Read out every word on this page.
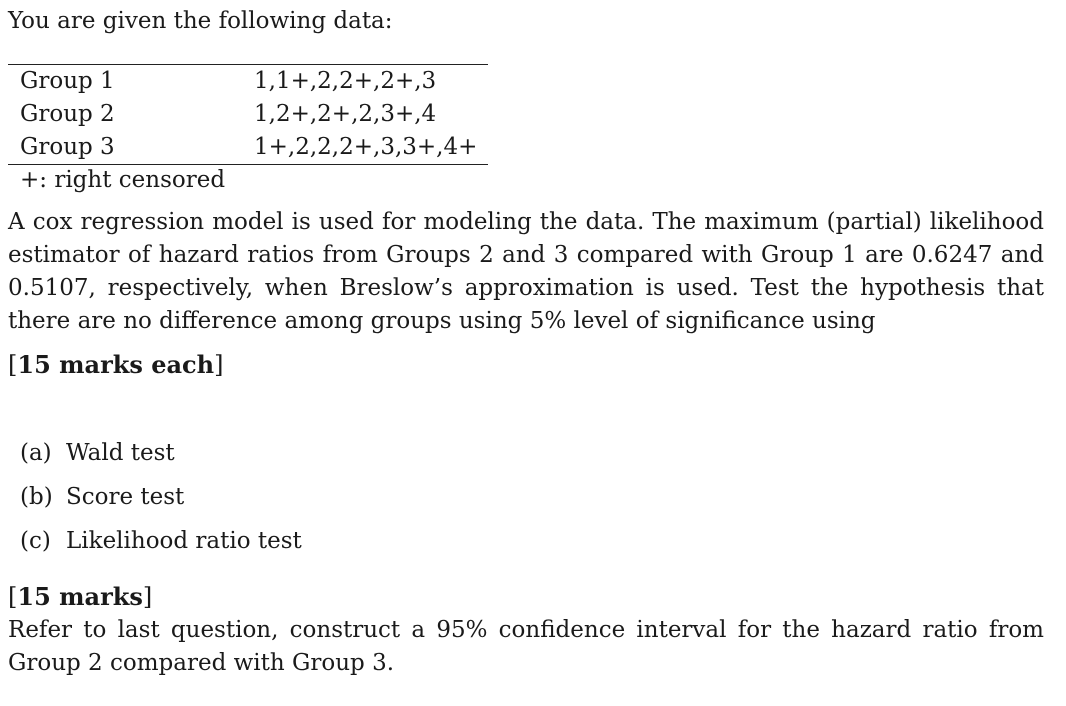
You are given the following data:
Group 1	1,1+,2,2+,2+,3
Group 2	1,2+,2+,2,3+,4
Group 3	1+,2,2,2+,3,3+,4+
+: right censored
A cox regression model is used for modeling the data. The maximum (partial) likelihood estimator of hazard ratios from Groups 2 and 3 compared with Group 1 are 0.6247 and 0.5107, respectively, when Breslow’s approximation is used. Test the hypothesis that there are no difference among groups using 5% level of significance using
[15 marks each]
(a) Wald test
(b) Score test
(c) Likelihood ratio test
[15 marks]
Refer to last question, construct a 95% confidence interval for the hazard ratio from Group 2 compared with Group 3.
